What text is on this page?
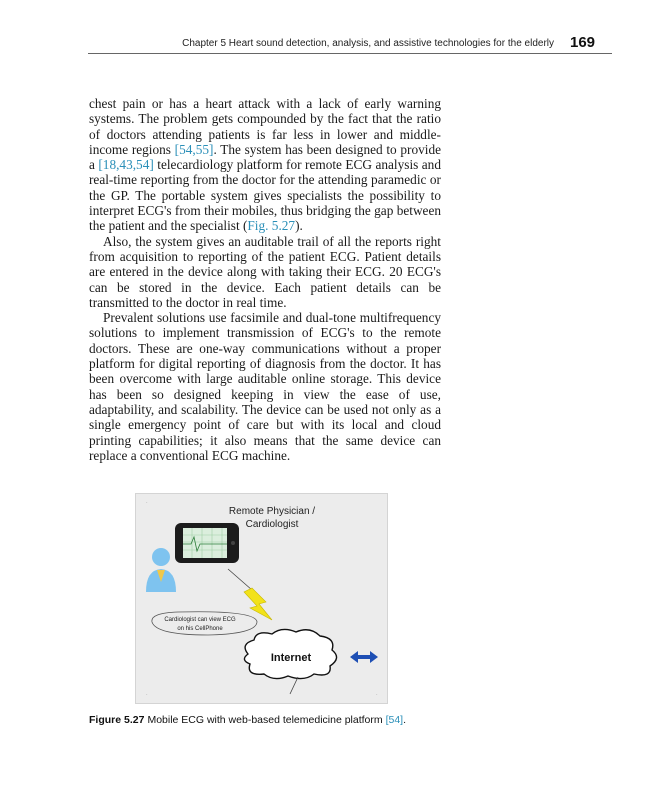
Chapter 5 Heart sound detection, analysis, and assistive technologies for the elderly 169

chest pain or has a heart attack with a lack of early warning systems. The problem gets compounded by the fact that the ratio of doctors attending patients is far less in lower and middle-income regions [54,55]. The system has been designed to provide a [18,43,54] telecardiology platform for remote ECG analysis and real-time reporting from the doctor for the attending paramedic or the GP. The portable system gives specialists the possibility to interpret ECG's from their mobiles, thus bridging the gap between the patient and the specialist (Fig. 5.27).

Also, the system gives an auditable trail of all the reports right from acquisition to reporting of the patient ECG. Patient details are entered in the device along with taking their ECG. 20 ECG's can be stored in the device. Each patient details can be transmitted to the doctor in real time.

Prevalent solutions use facsimile and dual-tone multifrequency solutions to implement transmission of ECG's to the remote doctors. These are one-way communications without a proper platform for digital reporting of diagnosis from the doctor. It has been overcome with large auditable online storage. This device has been so designed keeping in view the ease of use, adaptability, and scalability. The device can be used not only as a single emergency point of care but with its local and cloud printing capabilities; it also means that the same device can replace a conventional ECG machine.

Remote Physician /
Cardiologist
Cardiologist can view ECG
on his CellPhone
Internet
·
·
·
Figure 5.27 Mobile ECG with web-based telemedicine platform [54].
